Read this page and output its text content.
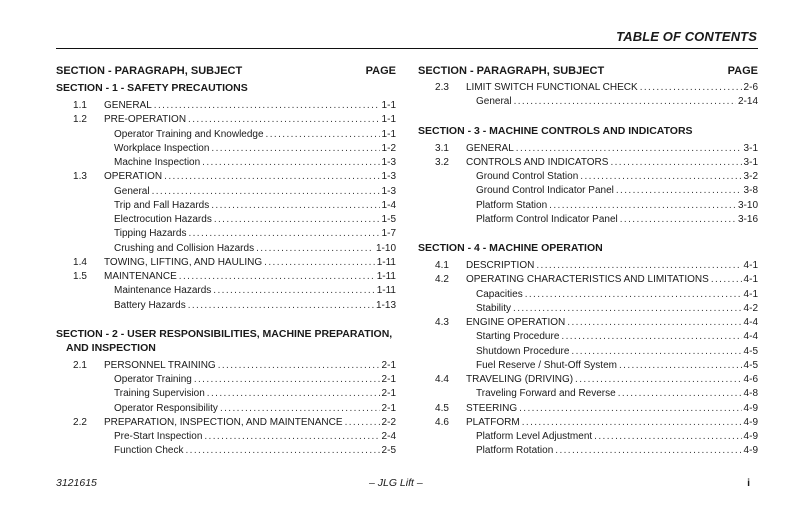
TABLE OF CONTENTS
SECTION - PARAGRAPH, SUBJECT	PAGE
SECTION - 1 - SAFETY PRECAUTIONS
1.1	GENERAL .....	1-1
1.2	PRE-OPERATION .....	1-1
Operator Training and Knowledge .....	1-1
Workplace Inspection .....	1-2
Machine Inspection .....	1-3
1.3	OPERATION .....	1-3
General .....	1-3
Trip and Fall Hazards .....	1-4
Electrocution Hazards .....	1-5
Tipping Hazards .....	1-7
Crushing and Collision Hazards .....	1-10
1.4	TOWING, LIFTING, AND HAULING .....	1-11
1.5	MAINTENANCE .....	1-11
Maintenance Hazards .....	1-11
Battery Hazards .....	1-13
SECTION - 2 - USER RESPONSIBILITIES, MACHINE PREPARATION,
AND INSPECTION
2.1	PERSONNEL TRAINING .....	2-1
Operator Training .....	2-1
Training Supervision .....	2-1
Operator Responsibility .....	2-1
2.2	PREPARATION, INSPECTION, AND MAINTENANCE .....	2-2
Pre-Start Inspection .....	2-4
Function Check .....	2-5
SECTION - PARAGRAPH, SUBJECT	PAGE
2.3	LIMIT SWITCH FUNCTIONAL CHECK .....	2-6
General .....	2-14
SECTION - 3 - MACHINE CONTROLS AND INDICATORS
3.1	GENERAL .....	3-1
3.2	CONTROLS AND INDICATORS .....	3-1
Ground Control Station .....	3-2
Ground Control Indicator Panel .....	3-8
Platform Station .....	3-10
Platform Control Indicator Panel .....	3-16
SECTION - 4 - MACHINE OPERATION
4.1	DESCRIPTION .....	4-1
4.2	OPERATING CHARACTERISTICS AND LIMITATIONS .....	4-1
Capacities .....	4-1
Stability .....	4-2
4.3	ENGINE OPERATION .....	4-4
Starting Procedure .....	4-4
Shutdown Procedure .....	4-5
Fuel Reserve / Shut-Off System .....	4-5
4.4	TRAVELING (DRIVING) .....	4-6
Traveling Forward and Reverse .....	4-8
4.5	STEERING .....	4-9
4.6	PLATFORM .....	4-9
Platform Level Adjustment .....	4-9
Platform Rotation .....	4-9
3121615	– JLG Lift –	i
